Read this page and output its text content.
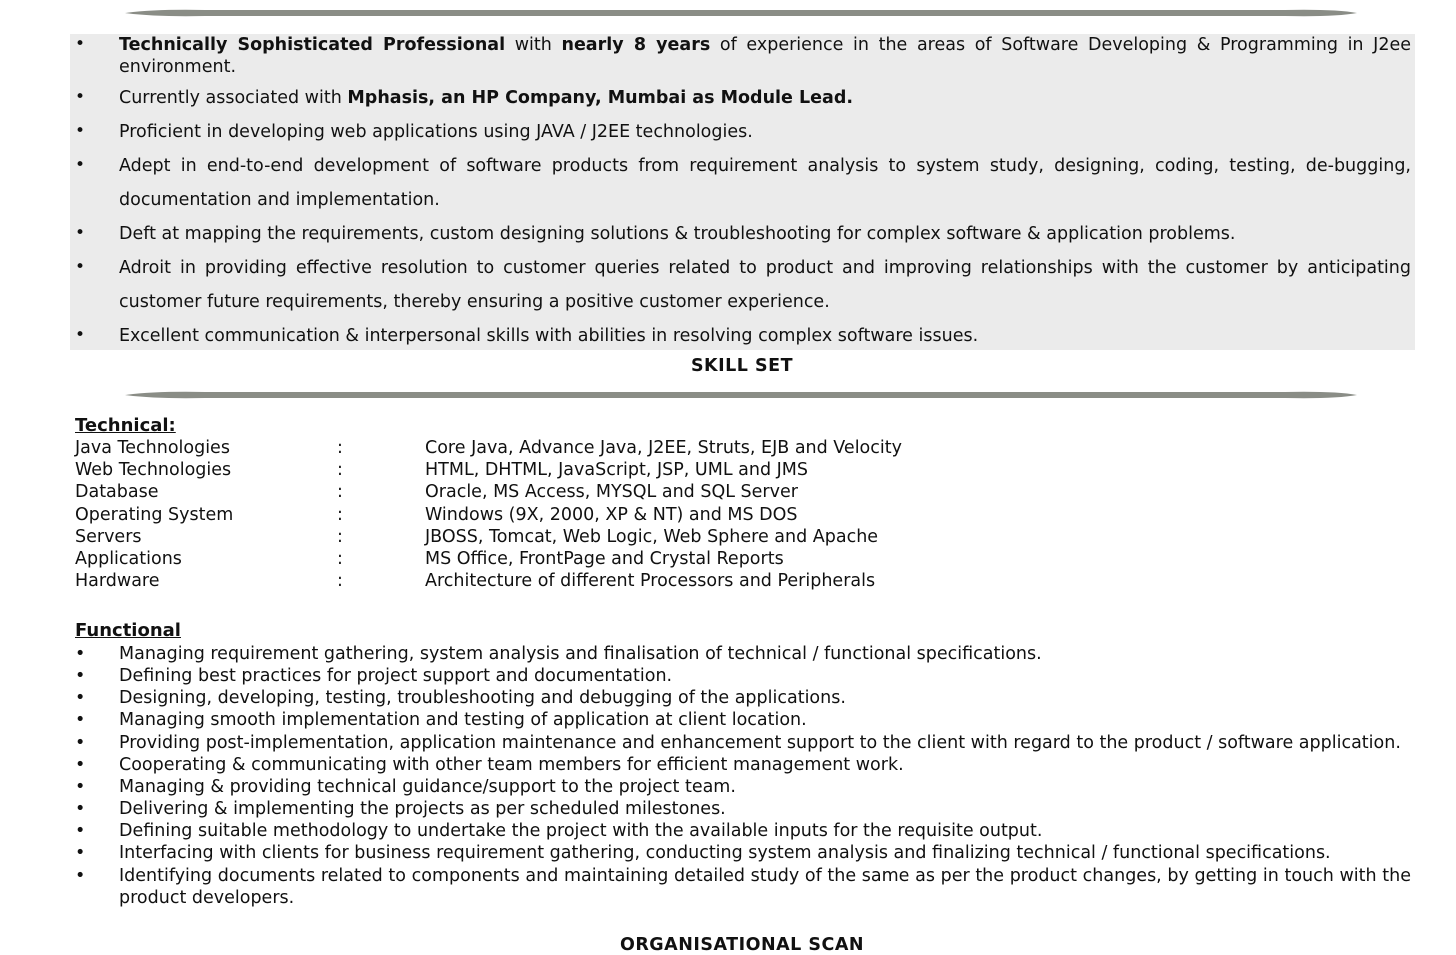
• Technically Sophisticated Professional with nearly 8 years of experience in the areas of Software Developing & Programming in J2ee environment.
• Currently associated with Mphasis, an HP Company, Mumbai as Module Lead.
• Proficient in developing web applications using JAVA / J2EE technologies.
• Adept in end-to-end development of software products from requirement analysis to system study, designing, coding, testing, de-bugging, documentation and implementation.
• Deft at mapping the requirements, custom designing solutions & troubleshooting for complex software & application problems.
• Adroit in providing effective resolution to customer queries related to product and improving relationships with the customer by anticipating customer future requirements, thereby ensuring a positive customer experience.
• Excellent communication & interpersonal skills with abilities in resolving complex software issues.
SKILL SET
Technical:
Java Technologies	:	Core Java, Advance Java, J2EE, Struts, EJB and Velocity
Web Technologies	:	HTML, DHTML, JavaScript, JSP, UML and JMS
Database	:	Oracle, MS Access, MYSQL and SQL Server
Operating System	:	Windows (9X, 2000, XP & NT) and MS DOS
Servers	:	JBOSS, Tomcat, Web Logic, Web Sphere and Apache
Applications	:	MS Office, FrontPage and Crystal Reports
Hardware	:	Architecture of different Processors and Peripherals
Functional
• Managing requirement gathering, system analysis and finalisation of technical / functional specifications.
• Defining best practices for project support and documentation.
• Designing, developing, testing, troubleshooting and debugging of the applications.
• Managing smooth implementation and testing of application at client location.
• Providing post-implementation, application maintenance and enhancement support to the client with regard to the product / software application.
• Cooperating & communicating with other team members for efficient management work.
• Managing & providing technical guidance/support to the project team.
• Delivering & implementing the projects as per scheduled milestones.
• Defining suitable methodology to undertake the project with the available inputs for the requisite output.
• Interfacing with clients for business requirement gathering, conducting system analysis and finalizing technical / functional specifications.
• Identifying documents related to components and maintaining detailed study of the same as per the product changes, by getting in touch with the product developers.
ORGANISATIONAL SCAN
